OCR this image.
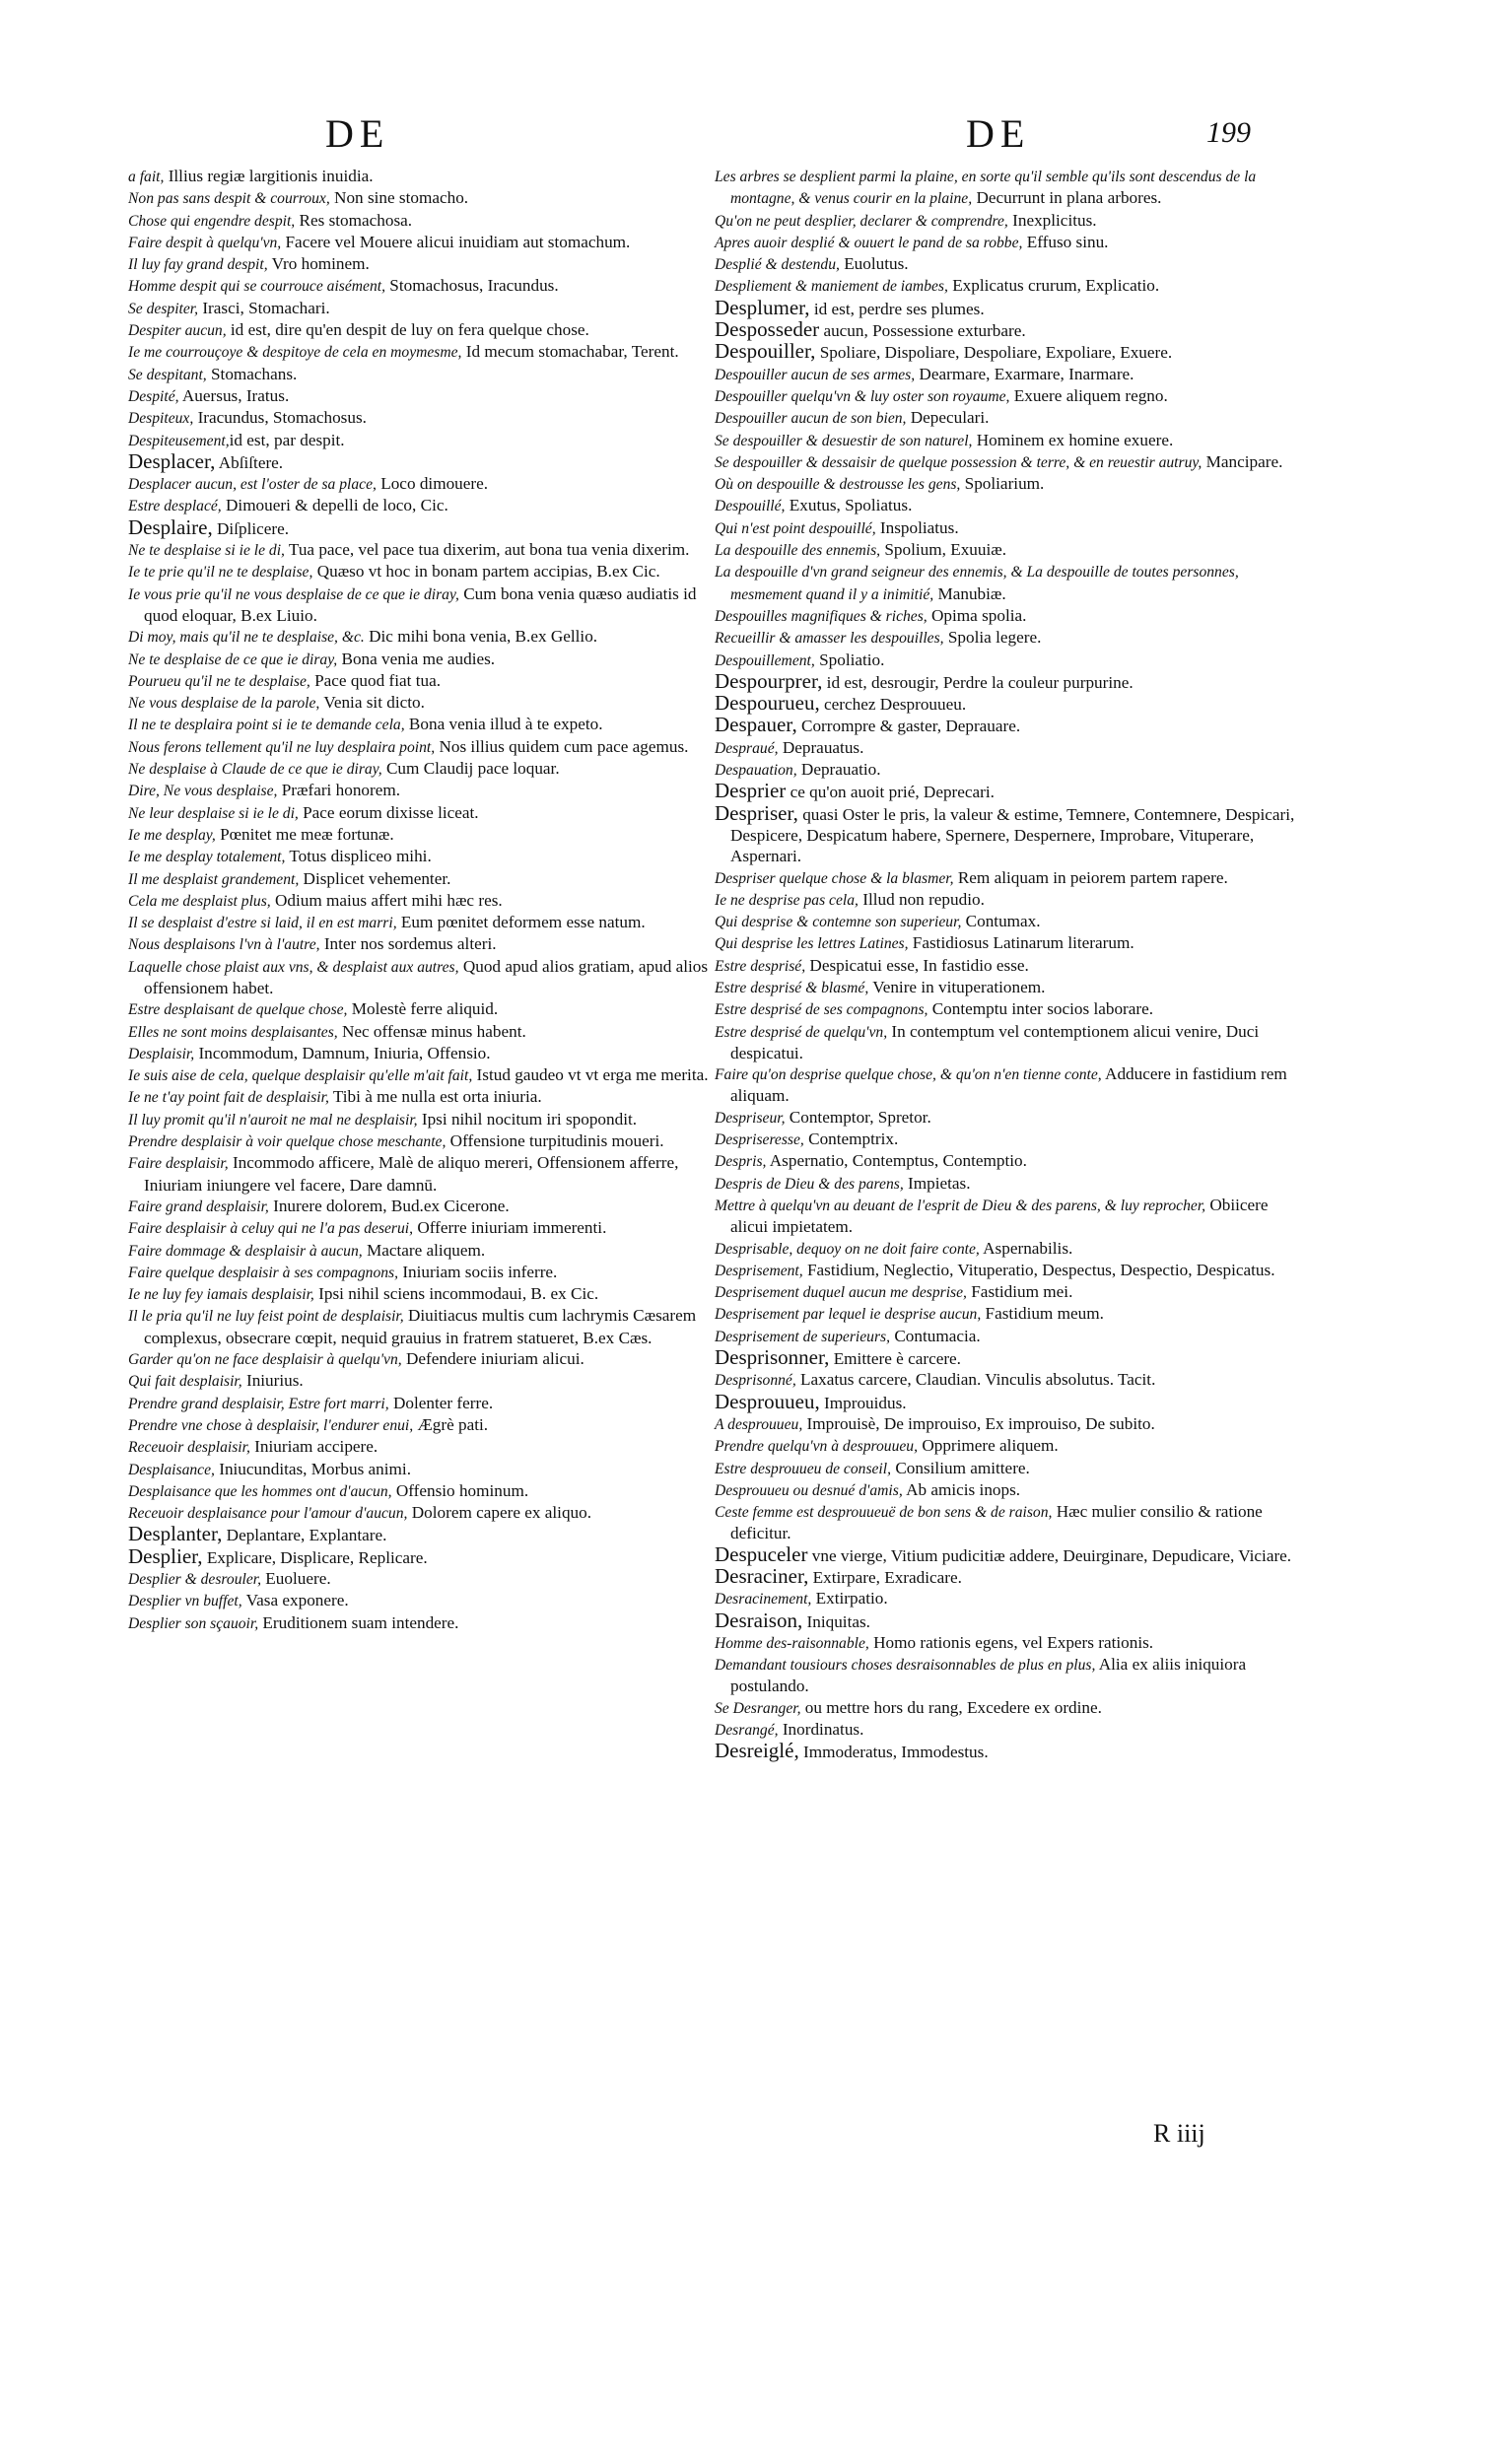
DE	DE	199
a fait, Illius regiæ largitionis inuidia.
Non pas sans despit & courroux, Non sine stomacho.
Chose qui engendre despit, Res stomachosa.
Faire despit à quelqu'vn, Facere vel Mouere alicui inuidiam aut stomachum.
Il luy fay grand despit, Vro hominem.
Homme despit qui se courrouce aisément, Stomachosus, Iracundus.
Se despiter, Irasci, Stomachari.
Despiter aucun, id est, dire qu'en despit de luy on fera quelque chose.
Ie me courrouçoye & despitoye de cela en moymesme, Id mecum stomachabar, Terent.
Se despitant, Stomachans.
Despité, Auersus, Iratus.
Despiteux, Iracundus, Stomachosus.
Despiteusement,id est, par despit.
Desplacer, Abſiſtere.
Desplacer aucun, est l'oster de sa place, Loco dimouere.
Estre desplacé, Dimoueri & depelli de loco, Cic.
Desplaire, Diſplicere.
Ne te desplaise si ie le di, Tua pace, vel pace tua dixerim, aut bona tua venia dixerim.
Ie te prie qu'il ne te desplaise, Quæso vt hoc in bonam partem accipias, B.ex Cic.
Ie vous prie qu'il ne vous desplaise de ce que ie diray, Cum bona venia quæso audiatis id quod eloquar, B.ex Liuio.
Di moy, mais qu'il ne te desplaise, &c. Dic mihi bona venia, B.ex Gellio.
Ne te desplaise de ce que ie diray, Bona venia me audies.
Pourueu qu'il ne te desplaise, Pace quod fiat tua.
Ne vous desplaise de la parole, Venia sit dicto.
Il ne te desplaira point si ie te demande cela, Bona venia illud à te expeto.
Nous ferons tellement qu'il ne luy desplaira point, Nos illius quidem cum pace agemus.
Ne desplaise à Claude de ce que ie diray, Cum Claudij pace loquar.
Dire, Ne vous desplaise, Præfari honorem.
Ne leur desplaise si ie le di, Pace eorum dixisse liceat.
Ie me desplay, Pœnitet me meæ fortunæ.
Ie me desplay totalement, Totus displiceo mihi.
Il me desplaist grandement, Displicet vehementer.
Cela me desplaist plus, Odium maius affert mihi hæc res.
Il se desplaist d'estre si laid, il en est marri, Eum pœnitet deformem esse natum.
Nous desplaisons l'vn à l'autre, Inter nos sordemus alteri.
Laquelle chose plaist aux vns, & desplaist aux autres, Quod apud alios gratiam, apud alios offensionem habet.
Estre desplaisant de quelque chose, Molestè ferre aliquid.
Elles ne sont moins desplaisantes, Nec offensæ minus habent.
Desplaisir, Incommodum, Damnum, Iniuria, Offensio.
Ie suis aise de cela, quelque desplaisir qu'elle m'ait fait, Istud gaudeo vt vt erga me merita.
Ie ne t'ay point fait de desplaisir, Tibi à me nulla est orta iniuria.
Il luy promit qu'il n'auroit ne mal ne desplaisir, Ipsi nihil nocitum iri spopondit.
Prendre desplaisir à voir quelque chose meschante, Offensione turpitudinis moueri.
Faire desplaisir, Incommodo afficere, Malè de aliquo mereri, Offensionem afferre, Iniuriam iniungere vel facere, Dare damnū.
Faire grand desplaisir, Inurere dolorem, Bud.ex Cicerone.
Faire desplaisir à celuy qui ne l'a pas deserui, Offerre iniuriam immerenti.
Faire dommage & desplaisir à aucun, Mactare aliquem.
Faire quelque desplaisir à ses compagnons, Iniuriam sociis inferre.
Ie ne luy fey iamais desplaisir, Ipsi nihil sciens incommodaui, B. ex Cic.
Il le pria qu'il ne luy feist point de desplaisir, Diuitiacus multis cum lachrymis Cæsarem complexus, obsecrare cœpit, nequid grauius in fratrem statueret, B.ex Cæs.
Garder qu'on ne face desplaisir à quelqu'vn, Defendere iniuriam alicui.
Qui fait desplaisir, Iniurius.
Prendre grand desplaisir, Estre fort marri, Dolenter ferre.
Prendre vne chose à desplaisir, l'endurer enui, Ægrè pati.
Receuoir desplaisir, Iniuriam accipere.
Desplaisance, Iniucunditas, Morbus animi.
Desplaisance que les hommes ont d'aucun, Offensio hominum.
Receuoir desplaisance pour l'amour d'aucun, Dolorem capere ex aliquo.
Desplanter, Deplantare, Explantare.
Desplier, Explicare, Displicare, Replicare.
Desplier & desrouler, Euoluere.
Desplier vn buffet, Vasa exponere.
Desplier son sçauoir, Eruditionem suam intendere.
Les arbres se desplient parmi la plaine, en sorte qu'il semble qu'ils sont descendus de la montagne, & venus courir en la plaine, Decurrunt in plana arbores.
Qu'on ne peut desplier, declarer & comprendre, Inexplicitus.
Apres auoir desplié & ouuert le pand de sa robbe, Effuso sinu.
Desplié & destendu, Euolutus.
Despliement & maniement de iambes, Explicatus crurum, Explicatio.
Desplumer, id est, perdre ses plumes.
Desposseder aucun, Possessione exturbare.
Despouiller, Spoliare, Dispoliare, Despoliare, Expoliare, Exuere.
Despouiller aucun de ses armes, Dearmare, Exarmare, Inarmare.
Despouiller quelqu'vn & luy oster son royaume, Exuere aliquem regno.
Despouiller aucun de son bien, Depeculari.
Se despouiller & desuestir de son naturel, Hominem ex homine exuere.
Se despouiller & dessaisir de quelque possession & terre, & en reuestir autruy, Mancipare.
Où on despouille & destrousse les gens, Spoliarium.
Despouillé, Exutus, Spoliatus.
Qui n'est point despouillé, Inspoliatus.
La despouille des ennemis, Spolium, Exuuiæ.
La despouille d'vn grand seigneur des ennemis, & La despouille de toutes personnes, mesmement quand il y a inimitié, Manubiæ.
Despouilles magnifiques & riches, Opima spolia.
Recueillir & amasser les despouilles, Spolia legere.
Despouillement, Spoliatio.
Despourprer, id est, desrougir, Perdre la couleur purpurine.
Despourueu, cerchez Desprouueu.
Despauer, Corrompre & gaster, Deprauare.
Despraué, Deprauatus.
Despauation, Deprauatio.
Desprier ce qu'on auoit prié, Deprecari.
Despriser, quasi Oster le pris, la valeur & estime, Temnere, Contemnere, Despicari, Despicere, Despicatum habere, Spernere, Despernere, Improbare, Vituperare, Aspernari.
Despriser quelque chose & la blasmer, Rem aliquam in peiorem partem rapere.
Ie ne desprise pas cela, Illud non repudio.
Qui desprise & contemne son superieur, Contumax.
Qui desprise les lettres Latines, Fastidiosus Latinarum literarum.
Estre desprisé, Despicatui esse, In fastidio esse.
Estre desprisé & blasmé, Venire in vituperationem.
Estre desprisé de ses compagnons, Contemptu inter socios laborare.
Estre desprisé de quelqu'vn, In contemptum vel contemptionem alicui venire, Duci despicatui.
Faire qu'on desprise quelque chose, & qu'on n'en tienne conte, Adducere in fastidium rem aliquam.
Despriseur, Contemptor, Spretor.
Despriseresse, Contemptrix.
Despris, Aspernatio, Contemptus, Contemptio.
Despris de Dieu & des parens, Impietas.
Mettre à quelqu'vn au deuant de l'esprit de Dieu & des parens, & luy reprocher, Obiicere alicui impietatem.
Desprisable, dequoy on ne doit faire conte, Aspernabilis.
Desprisement, Fastidium, Neglectio, Vituperatio, Despectus, Despectio, Despicatus.
Desprisement duquel aucun me desprise, Fastidium mei.
Desprisement par lequel ie desprise aucun, Fastidium meum.
Desprisement de superieurs, Contumacia.
Desprisonner, Emittere è carcere.
Desprisonné, Laxatus carcere, Claudian. Vinculis absolutus. Tacit.
Desprouueu, Improuidus.
A desprouueu, Improuisè, De improuiso, Ex improuiso, De subito.
Prendre quelqu'vn à desprouueu, Opprimere aliquem.
Estre desprouueu de conseil, Consilium amittere.
Desprouueu ou desnué d'amis, Ab amicis inops.
Ceste femme est desprouueuë de bon sens & de raison, Hæc mulier consilio & ratione deficitur.
Despuceler vne vierge, Vitium pudicitiæ addere, Deuirginare, Depudicare, Viciare.
Desraciner, Extirpare, Exradicare.
Desracinement, Extirpatio.
Desraison, Iniquitas.
Homme des-raisonnable, Homo rationis egens, vel Expers rationis.
Demandant tousiours choses desraisonnables de plus en plus, Alia ex aliis iniquiora postulando.
Se Desranger, ou mettre hors du rang, Excedere ex ordine.
Desrangé, Inordinatus.
Desreiglé, Immoderatus, Immodestus.
R iiij
